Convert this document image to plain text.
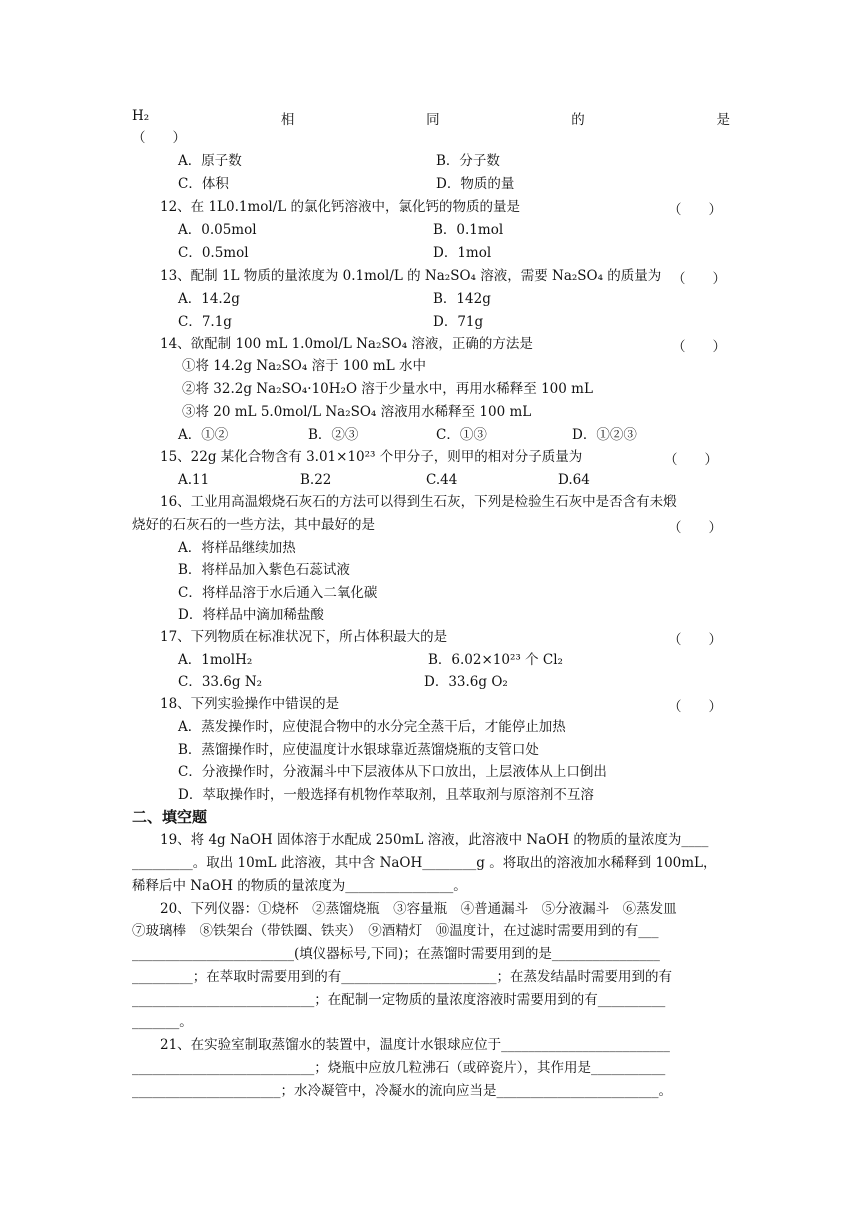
H₂	相	同	的	是
（　　）
A．原子数	B．分子数
C．体积	D．物质的量
12、在 1L0.1mol/L 的氯化钙溶液中，氯化钙的物质的量是	（　　）
A．0.05mol	B．0.1mol
C．0.5mol	D．1mol
13、配制 1L 物质的量浓度为 0.1mol/L 的 Na₂SO₄ 溶液，需要 Na₂SO₄ 的质量为 （　　）
A．14.2g	B．142g
C．7.1g	D．71g
14、欲配制 100 mL 1.0mol/L Na₂SO₄ 溶液，正确的方法是	（　　）
①将 14.2g Na₂SO₄ 溶于 100 mL 水中
②将 32.2g Na₂SO₄·10H₂O 溶于少量水中，再用水稀释至 100 mL
③将 20 mL 5.0mol/L Na₂SO₄ 溶液用水稀释至 100 mL
A．①②	B．②③	C．①③	D．①②③
15、22g 某化合物含有 3.01×10²³ 个甲分子，则甲的相对分子质量为	（　　）
A.11	B.22	C.44	D.64
16、工业用高温煅烧石灰石的方法可以得到生石灰，下列是检验生石灰中是否含有未煅
烧好的石灰石的一些方法，其中最好的是	（　　）
A．将样品继续加热
B．将样品加入紫色石蕊试液
C．将样品溶于水后通入二氧化碳
D．将样品中滴加稀盐酸
17、下列物质在标准状况下，所占体积最大的是	（　　）
A．1molH₂	B．6.02×10²³ 个 Cl₂
C．33.6g N₂	D．33.6g O₂
18、下列实验操作中错误的是	（　　）
A．蒸发操作时，应使混合物中的水分完全蒸干后，才能停止加热
B．蒸馏操作时，应使温度计水银球靠近蒸馏烧瓶的支管口处
C．分液操作时，分液漏斗中下层液体从下口放出，上层液体从上口倒出
D．萃取操作时，一般选择有机物作萃取剂，且萃取剂与原溶剂不互溶
二、填空题
19、将 4g NaOH 固体溶于水配成 250mL 溶液，此溶液中 NaOH 的物质的量浓度为____
_________。取出 10mL 此溶液，其中含 NaOH________g 。将取出的溶液加水稀释到 100mL，
稀释后中 NaOH 的物质的量浓度为________________。
20、下列仪器：①烧杯　②蒸馏烧瓶　③容量瓶　④普通漏斗　⑤分液漏斗　⑥蒸发皿
⑦玻璃棒　⑧铁架台（带铁圈、铁夹）　⑨酒精灯　⑩温度计，在过滤时需要用到的有___
________________________(填仪器标号,下同)；在蒸馏时需要用到的是________________
_________；在萃取时需要用到的有_______________________；在蒸发结晶时需要用到的有
___________________________；在配制一定物质的量浓度溶液时需要用到的有__________
_______。
21、在实验室制取蒸馏水的装置中，温度计水银球应位于_________________________
___________________________；烧瓶中应放几粒沸石（或碎瓷片），其作用是___________
______________________；水冷凝管中，冷凝水的流向应当是________________________。
